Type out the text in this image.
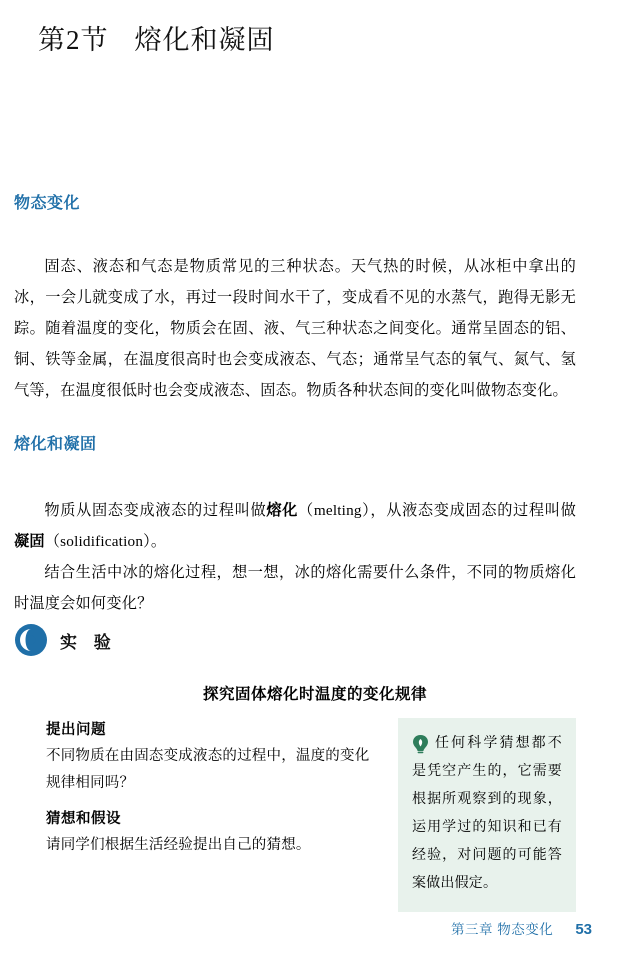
第2节 熔化和凝固
物态变化

固态、液态和气态是物质常见的三种状态。天气热的时候，从冰柜中拿出的冰，一会儿就变成了水，再过一段时间水干了，变成看不见的水蒸气，跑得无影无踪。随着温度的变化，物质会在固、液、气三种状态之间变化。通常呈固态的铝、铜、铁等金属，在温度很高时也会变成液态、气态；通常呈气态的氧气、氮气、氢气等，在温度很低时也会变成液态、固态。物质各种状态间的变化叫做物态变化。

熔化和凝固

物质从固态变成液态的过程叫做熔化（melting），从液态变成固态的过程叫做凝固（solidification）。

结合生活中冰的熔化过程，想一想，冰的熔化需要什么条件，不同的物质熔化时温度会如何变化？

实 验
探究固体熔化时温度的变化规律
提出问题
不同物质在由固态变成液态的过程中，温度的变化规律相同吗？
猜想和假设
请同学们根据生活经验提出自己的猜想。
任何科学猜想都不是凭空产生的，它需要根据所观察到的现象，运用学过的知识和已有经验，对问题的可能答案做出假定。
第三章 物态变化 53
